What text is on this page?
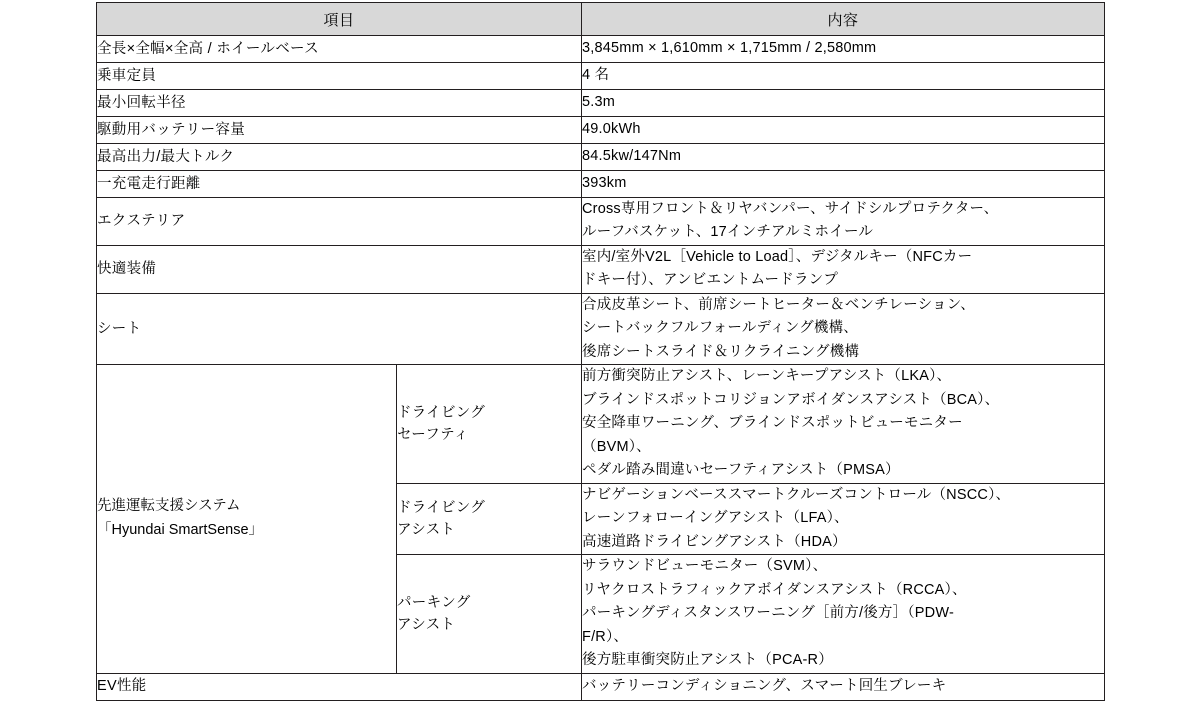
項目		内容
全長×全幅×全高 / ホイールベース		3,845mm × 1,610mm × 1,715mm / 2,580mm

乗車定員		4 名

最小回転半径		5.3m

駆動用バッテリー容量		49.0kWh

最高出力/最大トルク		84.5kw/147Nm

一充電走行距離		393km

エクステリア		Cross専用フロント＆リヤバンパー、サイドシルプロテクター、
ルーフバスケット、17インチアルミホイール

快適装備		室内/室外V2L［Vehicle to Load］、デジタルキー（NFCカー
ドキー付）、アンビエントムードランプ

シート		合成皮革シート、前席シートヒーター＆ベンチレーション、
シートバックフルフォールディング機構、
後席シートスライド＆リクライニング機構

先進運転支援システム
「Hyundai SmartSense」	ドライビング
セーフティ	前方衝突防止アシスト、レーンキープアシスト（LKA）、
ブラインドスポットコリジョンアボイダンスアシスト（BCA）、
安全降車ワーニング、ブラインドスポットビューモニター
（BVM）、
ペダル踏み間違いセーフティアシスト（PMSA）

	ドライビング
アシスト	ナビゲーションベーススマートクルーズコントロール（NSCC）、
レーンフォローイングアシスト（LFA）、
高速道路ドライビングアシスト（HDA）

	パーキング
アシスト	サラウンドビューモニター（SVM）、
リヤクロストラフィックアボイダンスアシスト（RCCA）、
パーキングディスタンスワーニング［前方/後方］（PDW-
F/R）、
後方駐車衝突防止アシスト（PCA-R）

EV性能		バッテリーコンディショニング、スマート回生ブレーキ
